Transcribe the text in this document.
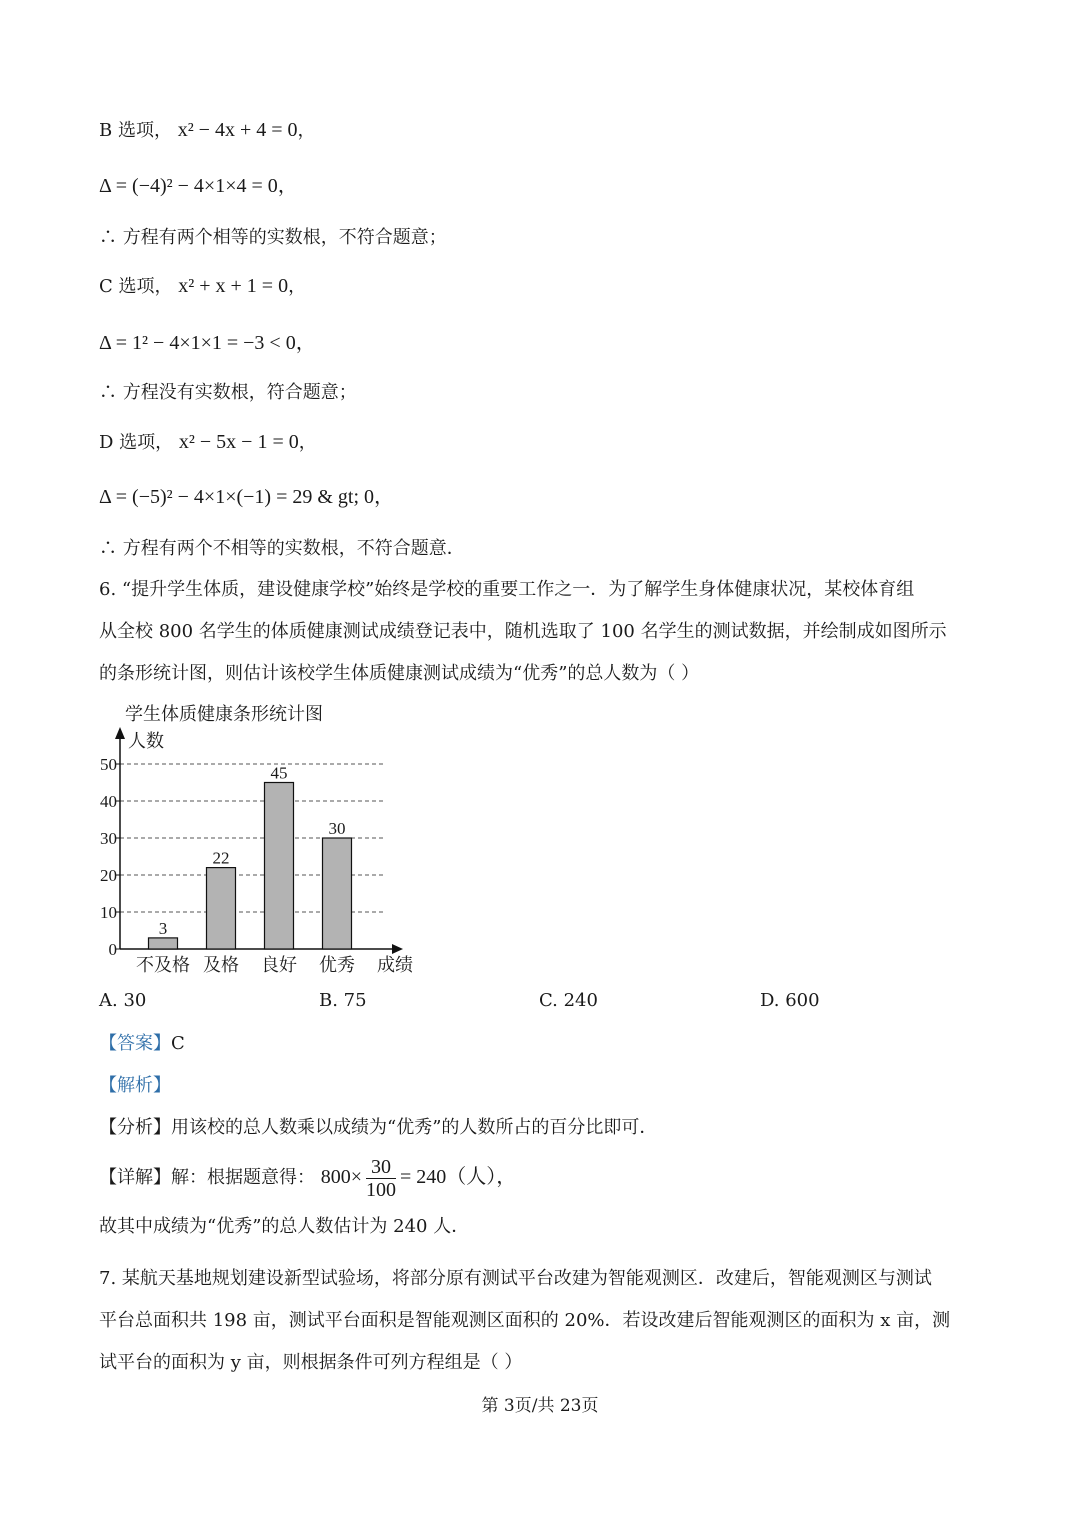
B 选项， x² − 4x + 4 = 0，
Δ = (−4)² − 4×1×4 = 0，
∴ 方程有两个相等的实数根，不符合题意；
C 选项， x² + x + 1 = 0，
Δ = 1² − 4×1×1 = −3 < 0，
∴ 方程没有实数根，符合题意；
D 选项， x² − 5x − 1 = 0，
Δ = (−5)² − 4×1×(−1) = 29 & gt; 0，
∴ 方程有两个不相等的实数根，不符合题意．

6. “提升学生体质，建设健康学校”始终是学校的重要工作之一．为了解学生身体健康状况，某校体育组

从全校 800 名学生的体质健康测试成绩登记表中，随机选取了 100 名学生的测试数据，并绘制成如图所示

的条形统计图，则估计该校学生体质健康测试成绩为“优秀”的总人数为（ ）

学生体质健康条形统计图
0
10
20
30
40
50
人数
成绩
3
不及格
22
及格
45
良好
30
优秀
A. 30	B. 75	C. 240	D. 600
【答案】C
【解析】
【分析】用该校的总人数乘以成绩为“优秀”的人数所占的百分比即可．
【详解】解：根据题意得： $800\times \frac{30}{100} = 240$（人），
故其中成绩为“优秀”的总人数估计为 240 人．

7. 某航天基地规划建设新型试验场，将部分原有测试平台改建为智能观测区．改建后，智能观测区与测试

平台总面积共 198 亩，测试平台面积是智能观测区面积的 20%．若设改建后智能观测区的面积为 x 亩，测

试平台的面积为 y 亩，则根据条件可列方程组是（ ）

第 3页/共 23页
